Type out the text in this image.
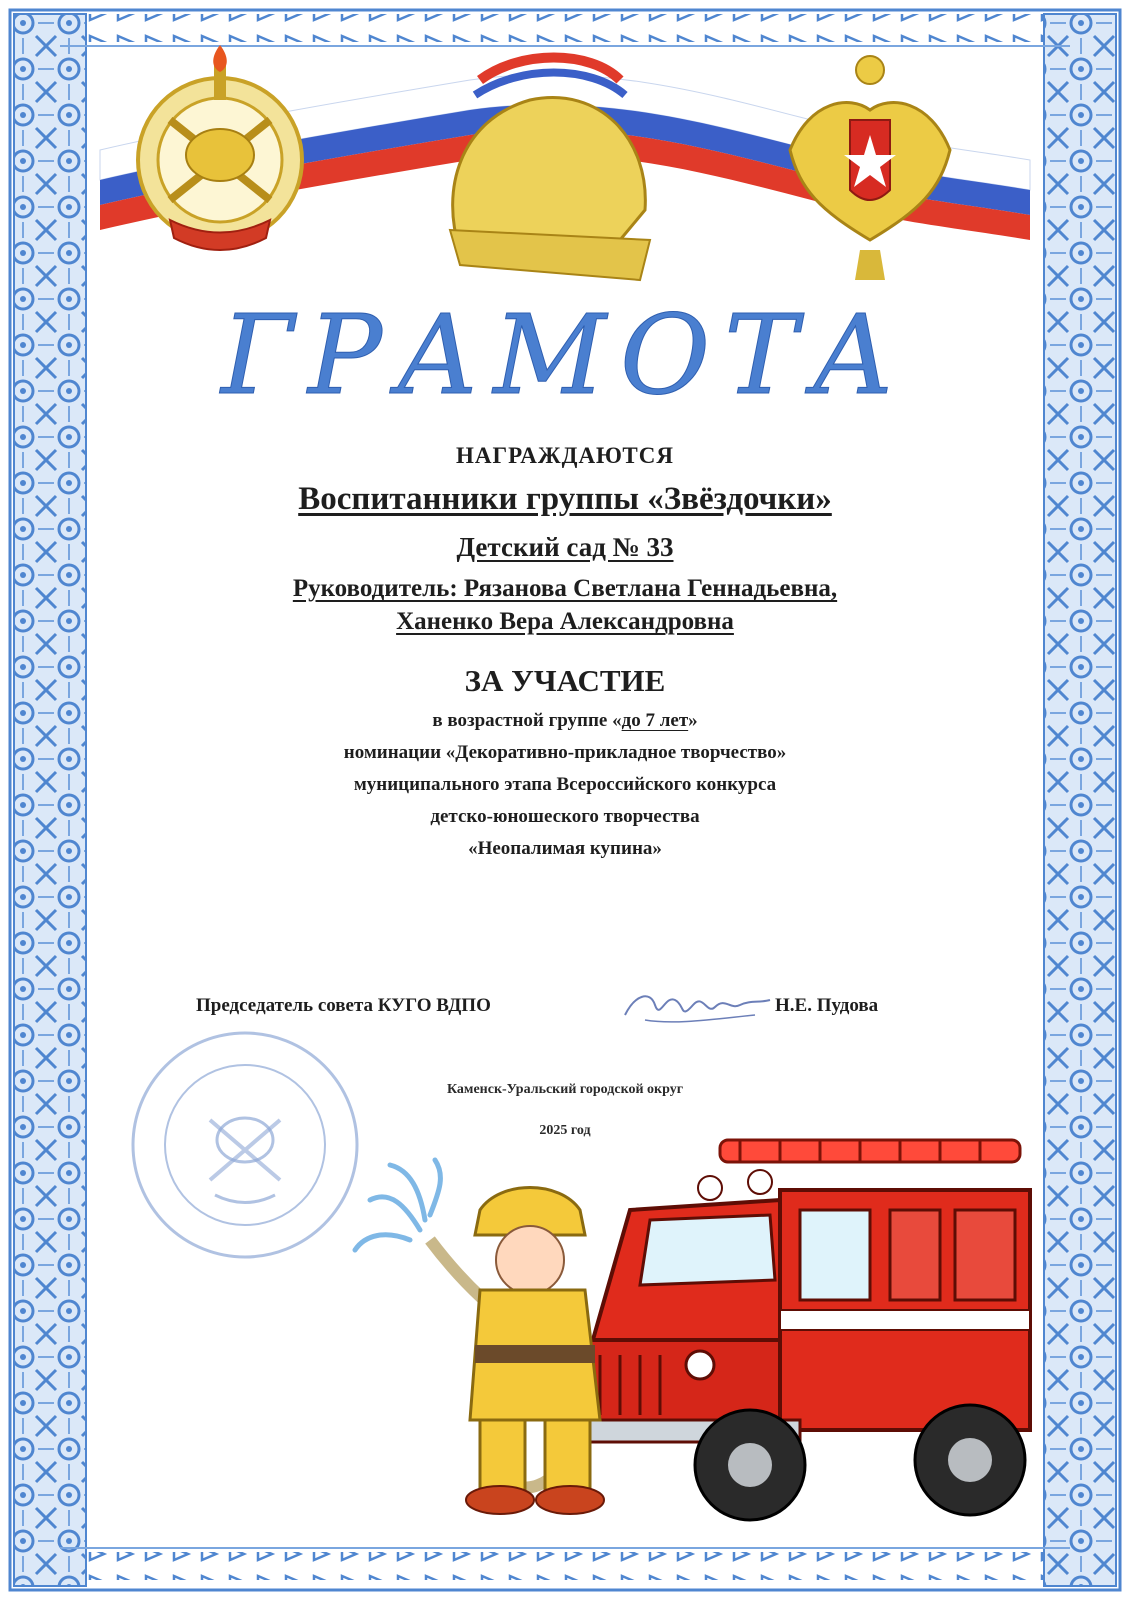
ГРАМОТА
НАГРАЖДАЮТСЯ
Воспитанники группы «Звёздочки»
Детский сад № 33
Руководитель: Рязанова Светлана Геннадьевна,
Ханенко Вера Александровна
ЗА УЧАСТИЕ
в возрастной группе «до 7 лет»
номинации «Декоративно-прикладное творчество»
муниципального этапа Всероссийского конкурса
детско-юношеского творчества
«Неопалимая купина»
Председатель совета КУГО ВДПО	Н.Е. Пудова
Каменск-Уральский городской округ
2025 год
